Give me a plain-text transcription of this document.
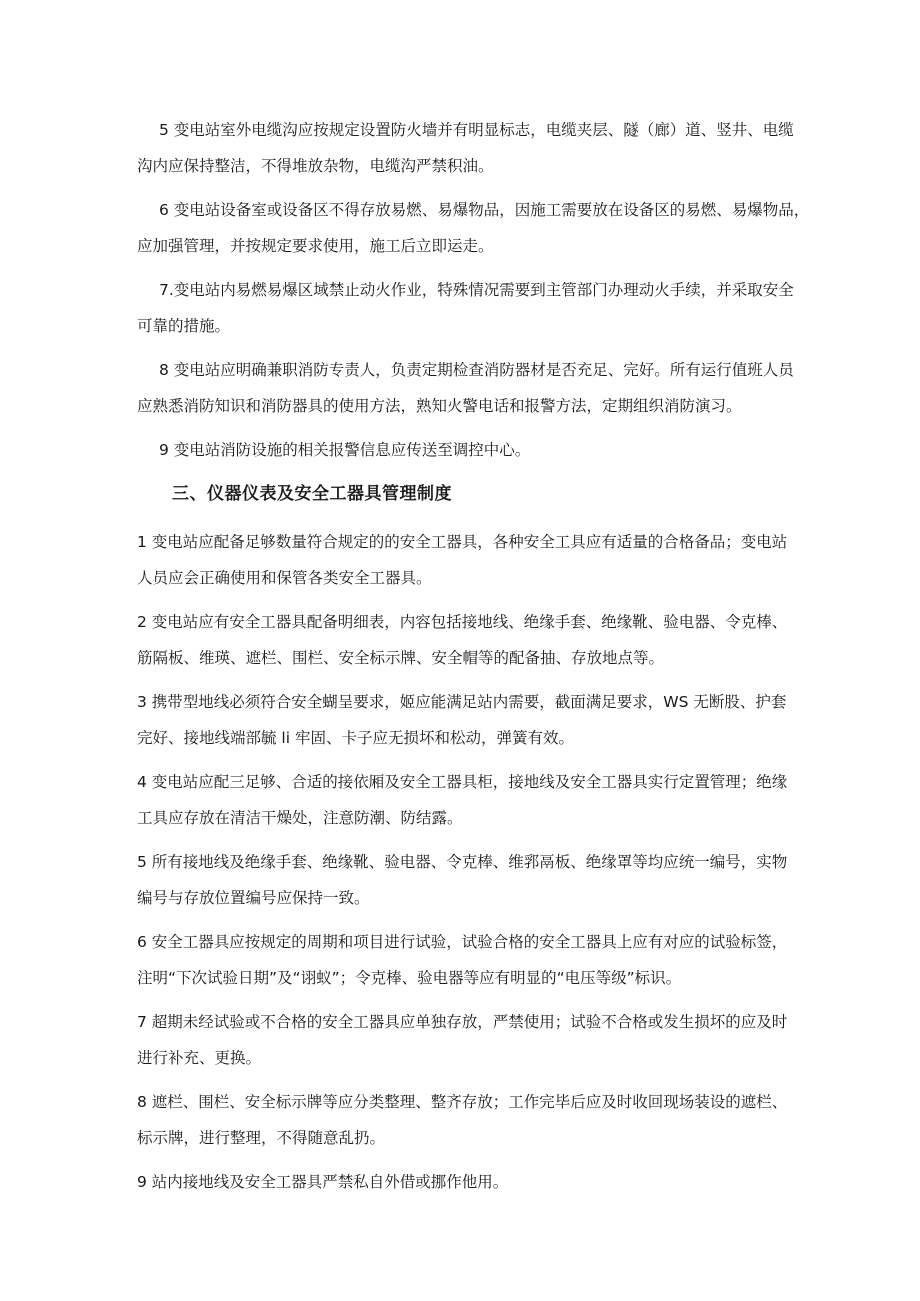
5 变电站室外电缆沟应按规定设置防火墙并有明显标志，电缆夹层、隧（廊）道、竖井、电缆
沟内应保持整洁，不得堆放杂物，电缆沟严禁积油。
6 变电站设备室或设备区不得存放易燃、易爆物品，因施工需要放在设备区的易燃、易爆物品，
应加强管理，并按规定要求使用，施工后立即运走。
7.变电站内易燃易爆区域禁止动火作业，特殊情况需要到主管部门办理动火手续，并采取安全
可靠的措施。
8 变电站应明确兼职消防专责人，负责定期检查消防器材是否充足、完好。所有运行值班人员
应熟悉消防知识和消防器具的使用方法，熟知火警电话和报警方法，定期组织消防演习。
9 变电站消防设施的相关报警信息应传送至调控中心。
三、仪器仪表及安全工器具管理制度
1 变电站应配备足够数量符合规定的的安全工器具，各种安全工具应有适量的合格备品；变电站
人员应会正确使用和保管各类安全工器具。
2 变电站应有安全工器具配备明细表，内容包括接地线、绝缘手套、绝缘靴、验电器、令克棒、
筋隔板、维瑛、遮栏、围栏、安全标示牌、安全帽等的配备抽、存放地点等。
3 携带型地线必须符合安全蝴呈要求，姬应能满足站内需要，截面满足要求，WS 无断股、护套
完好、接地线端部毓 li 牢固、卡子应无损坏和松动，弹簧有效。
4 变电站应配三足够、合适的接依厢及安全工器具柜，接地线及安全工器具实行定置管理；绝缘
工具应存放在清洁干燥处，注意防潮、防结露。
5 所有接地线及绝缘手套、绝缘靴、验电器、令克棒、维郛鬲板、绝缘罩等均应统一编号，实物
编号与存放位置编号应保持一致。
6 安全工器具应按规定的周期和项目进行试验，试验合格的安全工器具上应有对应的试验标签，
注明“下次试验日期”及“诩蚁”；令克棒、验电器等应有明显的“电压等级”标识。
7 超期未经试验或不合格的安全工器具应单独存放，严禁使用；试验不合格或发生损坏的应及时
进行补充、更换。
8 遮栏、围栏、安全标示牌等应分类整理、整齐存放；工作完毕后应及时收回现场装设的遮栏、
标示牌，进行整理，不得随意乱扔。
9 站内接地线及安全工器具严禁私自外借或挪作他用。
